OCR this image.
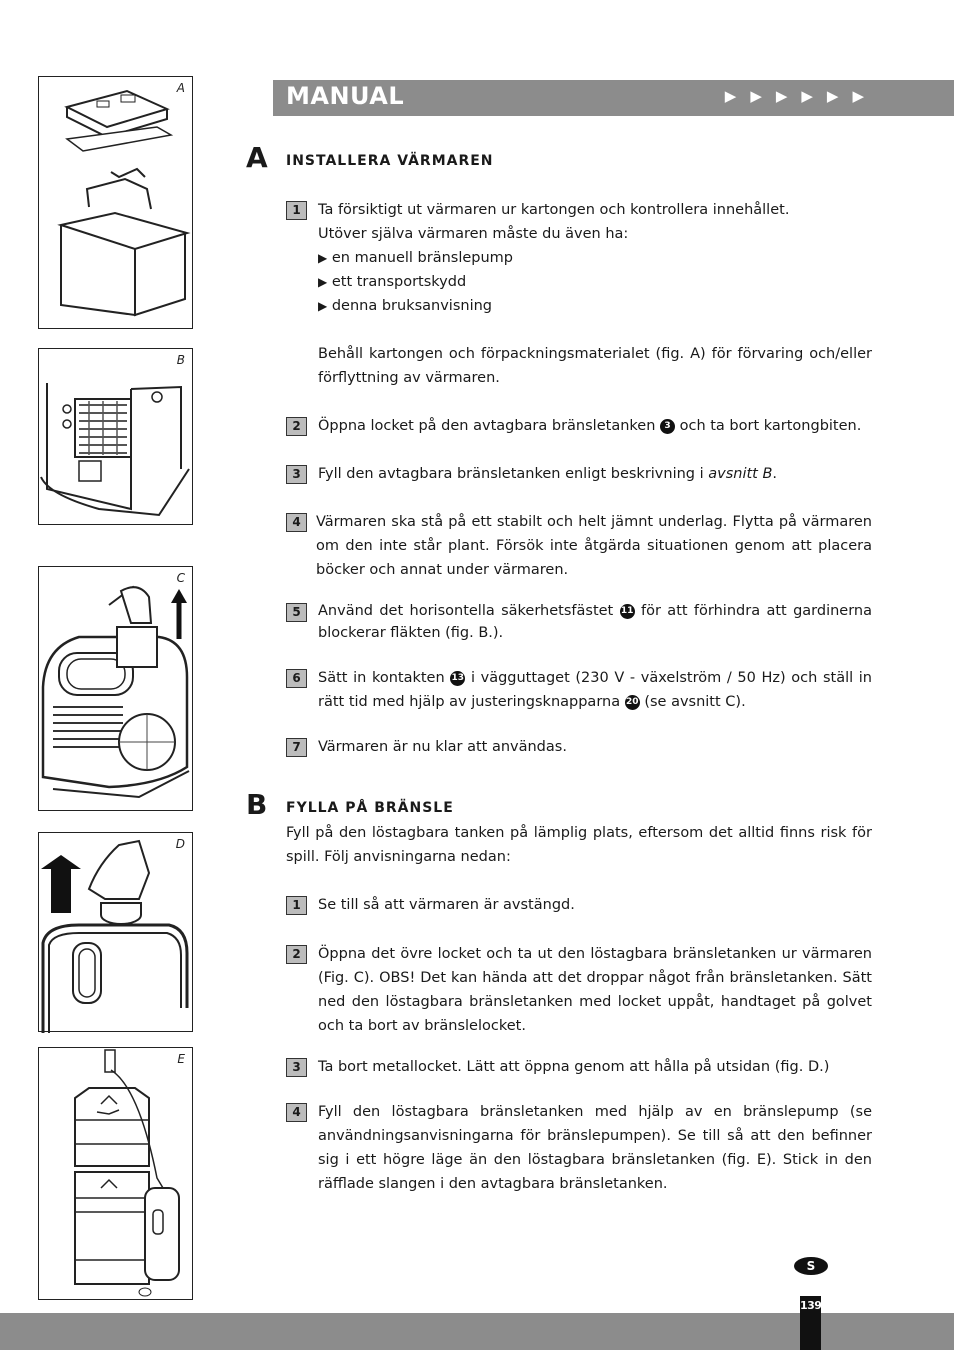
A
B
C
D
E
MANUAL	▶▶▶▶▶▶
A INSTALLERA VÄRMAREN
1	Ta försiktigt ut värmaren ur kartongen och kontrollera innehållet.
Utöver själva värmaren måste du även ha:
▶ en manuell bränslepump
▶ ett transportskydd
▶ denna bruksanvisning
Behåll kartongen och förpackningsmaterialet (fig. A) för förvaring och/eller förflyttning av värmaren.
2	Öppna locket på den avtagbara bränsletanken 3 och ta bort kartongbiten.
3	Fyll den avtagbara bränsletanken enligt beskrivning i avsnitt B.
4	Värmaren ska stå på ett stabilt och helt jämnt underlag. Flytta på värmaren om den inte står plant. Försök inte åtgärda situationen genom att placera böcker och annat under värmaren.
5	Använd det horisontella säkerhetsfästet 11 för att förhindra att gardinerna blockerar fläkten (fig. B.).
6	Sätt in kontakten 13 i vägguttaget (230 V - växelström / 50 Hz) och ställ in rätt tid med hjälp av justeringsknapparna 20 (se avsnitt C).
7	Värmaren är nu klar att användas.
B FYLLA PÅ BRÄNSLE
Fyll på den löstagbara tanken på lämplig plats, eftersom det alltid finns risk för spill. Följ anvisningarna nedan:
1	Se till så att värmaren är avstängd.
2	Öppna det övre locket och ta ut den löstagbara bränsletanken ur värmaren (Fig. C). OBS! Det kan hända att det droppar något från bränsletanken. Sätt ned den löstagbara bränsletanken med locket uppåt, handtaget på golvet och ta bort av bränslelocket.
3	Ta bort metallocket. Lätt att öppna genom att hålla på utsidan (fig. D.)
4	Fyll den löstagbara bränsletanken med hjälp av en bränslepump (se användningsanvisningarna för bränslepumpen). Se till så att den befinner sig i ett högre läge än den löstagbara bränsletanken (fig. E). Stick in den räfflade slangen i den avtagbara bränsletanken.
S
139
